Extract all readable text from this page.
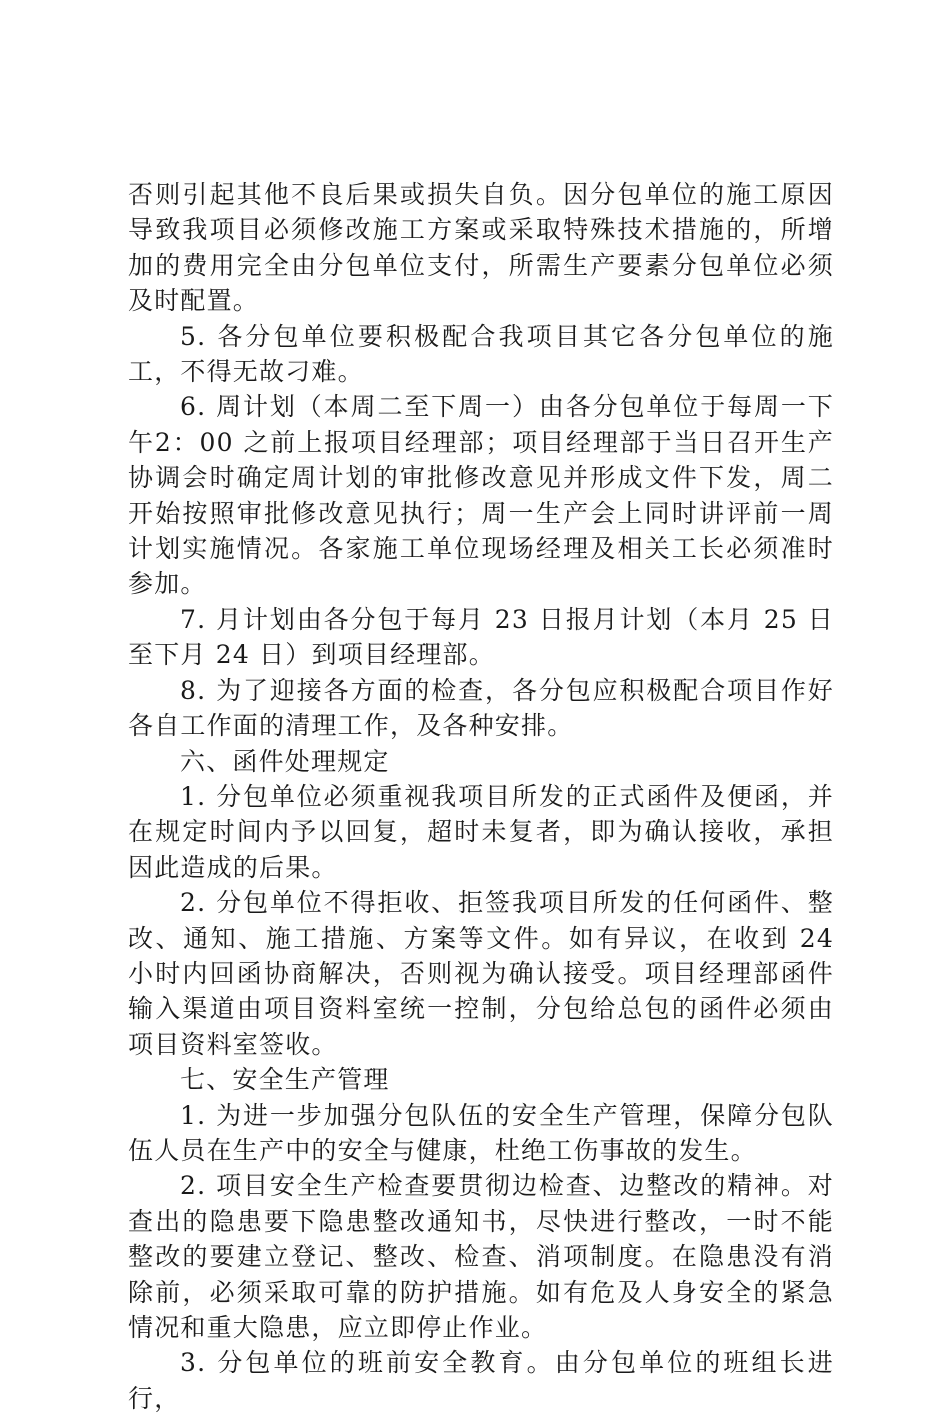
否则引起其他不良后果或损失自负。因分包单位的施工原因导致我项目必须修改施工方案或采取特殊技术措施的，所增加的费用完全由分包单位支付，所需生产要素分包单位必须及时配置。

5. 各分包单位要积极配合我项目其它各分包单位的施工，不得无故刁难。

6. 周计划（本周二至下周一）由各分包单位于每周一下午2：00 之前上报项目经理部；项目经理部于当日召开生产协调会时确定周计划的审批修改意见并形成文件下发，周二开始按照审批修改意见执行；周一生产会上同时讲评前一周计划实施情况。各家施工单位现场经理及相关工长必须准时参加。

7. 月计划由各分包于每月 23 日报月计划（本月 25 日至下月 24 日）到项目经理部。

8. 为了迎接各方面的检查，各分包应积极配合项目作好各自工作面的清理工作，及各种安排。

六、函件处理规定

1. 分包单位必须重视我项目所发的正式函件及便函，并在规定时间内予以回复，超时未复者，即为确认接收，承担因此造成的后果。

2. 分包单位不得拒收、拒签我项目所发的任何函件、整改、通知、施工措施、方案等文件。如有异议，在收到 24 小时内回函协商解决，否则视为确认接受。项目经理部函件输入渠道由项目资料室统一控制，分包给总包的函件必须由项目资料室签收。

七、安全生产管理

1. 为进一步加强分包队伍的安全生产管理，保障分包队伍人员在生产中的安全与健康，杜绝工伤事故的发生。

2. 项目安全生产检查要贯彻边检查、边整改的精神。对查出的隐患要下隐患整改通知书，尽快进行整改，一时不能整改的要建立登记、整改、检查、消项制度。在隐患没有消除前，必须采取可靠的防护措施。如有危及人身安全的紧急情况和重大隐患，应立即停止作业。

3. 分包单位的班前安全教育。由分包单位的班组长进行，
